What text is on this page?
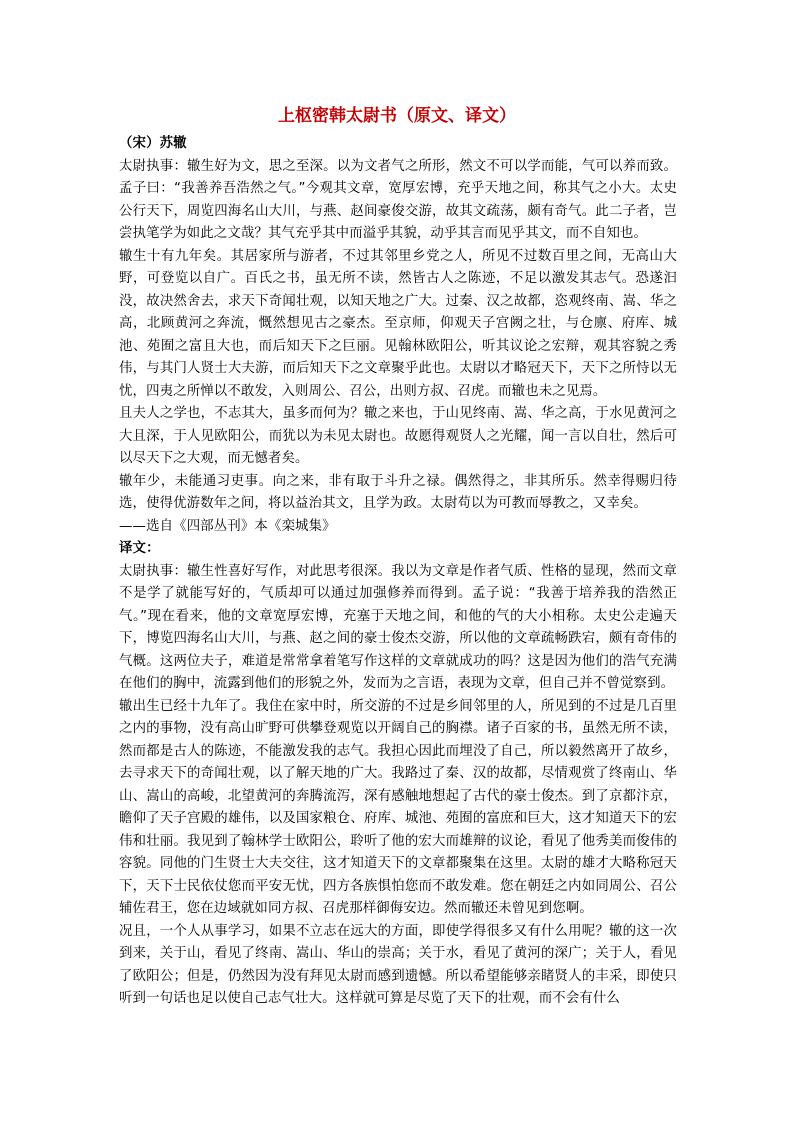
上枢密韩太尉书（原文、译文）

（宋）苏辙

太尉执事：辙生好为文，思之至深。以为文者气之所形，然文不可以学而能，气可以养而致。孟子曰：“我善养吾浩然之气。”今观其文章，宽厚宏博，充乎天地之间，称其气之小大。太史公行天下，周览四海名山大川，与燕、赵间豪俊交游，故其文疏荡，颇有奇气。此二子者，岂尝执笔学为如此之文哉？其气充乎其中而溢乎其貌，动乎其言而见乎其文，而不自知也。

辙生十有九年矣。其居家所与游者，不过其邻里乡党之人，所见不过数百里之间，无高山大野，可登览以自广。百氏之书，虽无所不读，然皆古人之陈迹，不足以激发其志气。恐遂汩没，故决然舍去，求天下奇闻壮观，以知天地之广大。过秦、汉之故都，恣观终南、嵩、华之高，北顾黄河之奔流，慨然想见古之豪杰。至京师，仰观天子宫阙之壮，与仓廪、府库、城池、苑囿之富且大也，而后知天下之巨丽。见翰林欧阳公，听其议论之宏辩，观其容貌之秀伟，与其门人贤士大夫游，而后知天下之文章聚乎此也。太尉以才略冠天下，天下之所恃以无忧，四夷之所惮以不敢发，入则周公、召公，出则方叔、召虎。而辙也未之见焉。

且夫人之学也，不志其大，虽多而何为？辙之来也，于山见终南、嵩、华之高，于水见黄河之大且深，于人见欧阳公，而犹以为未见太尉也。故愿得观贤人之光耀，闻一言以自壮，然后可以尽天下之大观，而无憾者矣。

辙年少，未能通习吏事。向之来，非有取于斗升之禄。偶然得之，非其所乐。然幸得赐归待选，使得优游数年之间，将以益治其文，且学为政。太尉苟以为可教而辱教之，又幸矣。

——选自《四部丛刊》本《栾城集》

译文：

太尉执事：辙生性喜好写作，对此思考很深。我以为文章是作者气质、性格的显现，然而文章不是学了就能写好的，气质却可以通过加强修养而得到。孟子说：“我善于培养我的浩然正气。”现在看来，他的文章宽厚宏博，充塞于天地之间，和他的气的大小相称。太史公走遍天下，博览四海名山大川，与燕、赵之间的豪士俊杰交游，所以他的文章疏畅跌宕，颇有奇伟的气概。这两位夫子，难道是常常拿着笔写作这样的文章就成功的吗？这是因为他们的浩气充满在他们的胸中，流露到他们的形貌之外，发而为之言语，表现为文章，但自己并不曾觉察到。

辙出生已经十九年了。我住在家中时，所交游的不过是乡间邻里的人，所见到的不过是几百里之内的事物，没有高山旷野可供攀登观览以开阔自己的胸襟。诸子百家的书，虽然无所不读，然而都是古人的陈迹，不能激发我的志气。我担心因此而埋没了自己，所以毅然离开了故乡，去寻求天下的奇闻壮观，以了解天地的广大。我路过了秦、汉的故都，尽情观赏了终南山、华山、嵩山的高峻，北望黄河的奔腾流泻，深有感触地想起了古代的豪士俊杰。到了京都汴京，瞻仰了天子宫殿的雄伟，以及国家粮仓、府库、城池、苑囿的富庶和巨大，这才知道天下的宏伟和壮丽。我见到了翰林学士欧阳公，聆听了他的宏大而雄辩的议论，看见了他秀美而俊伟的容貌。同他的门生贤士大夫交往，这才知道天下的文章都聚集在这里。太尉的雄才大略称冠天下，天下士民依仗您而平安无忧，四方各族惧怕您而不敢发难。您在朝廷之内如同周公、召公辅佐君王，您在边域就如同方叔、召虎那样御侮安边。然而辙还未曾见到您啊。

况且，一个人从事学习，如果不立志在远大的方面，即使学得很多又有什么用呢？辙的这一次到来，关于山，看见了终南、嵩山、华山的崇高；关于水，看见了黄河的深广；关于人，看见了欧阳公；但是，仍然因为没有拜见太尉而感到遗憾。所以希望能够亲睹贤人的丰采，即使只听到一句话也足以使自己志气壮大。这样就可算是尽览了天下的壮观，而不会有什么
